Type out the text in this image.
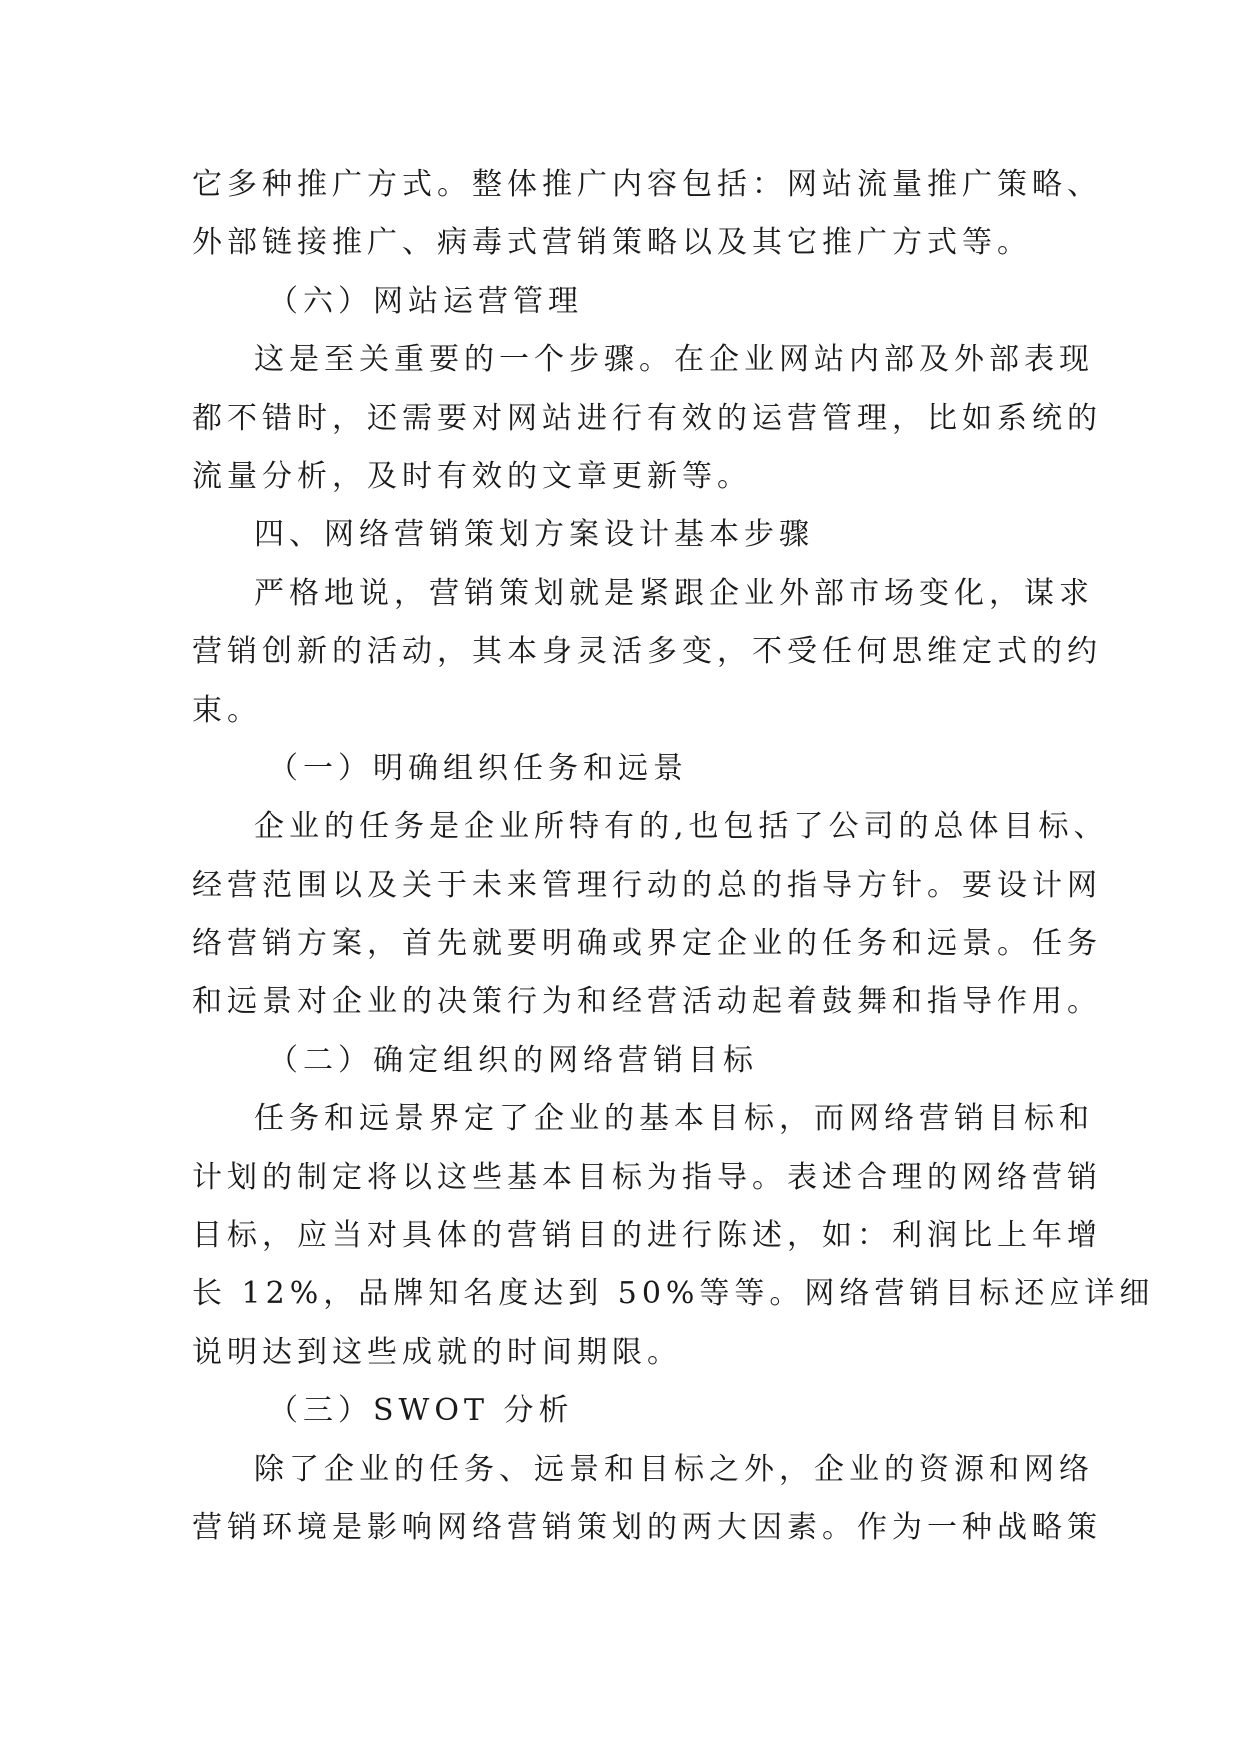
它多种推广方式。整体推广内容包括：网站流量推广策略、
外部链接推广、病毒式营销策略以及其它推广方式等。
（六）网站运营管理
这是至关重要的一个步骤。在企业网站内部及外部表现
都不错时，还需要对网站进行有效的运营管理，比如系统的
流量分析，及时有效的文章更新等。
四、网络营销策划方案设计基本步骤
严格地说，营销策划就是紧跟企业外部市场变化，谋求
营销创新的活动，其本身灵活多变，不受任何思维定式的约
束。
（一）明确组织任务和远景
企业的任务是企业所特有的,也包括了公司的总体目标、
经营范围以及关于未来管理行动的总的指导方针。要设计网
络营销方案，首先就要明确或界定企业的任务和远景。任务
和远景对企业的决策行为和经营活动起着鼓舞和指导作用。
（二）确定组织的网络营销目标
任务和远景界定了企业的基本目标，而网络营销目标和
计划的制定将以这些基本目标为指导。表述合理的网络营销
目标，应当对具体的营销目的进行陈述，如：利润比上年增
长 12%，品牌知名度达到 50%等等。网络营销目标还应详细
说明达到这些成就的时间期限。
（三）SWOT 分析
除了企业的任务、远景和目标之外，企业的资源和网络
营销环境是影响网络营销策划的两大因素。作为一种战略策
